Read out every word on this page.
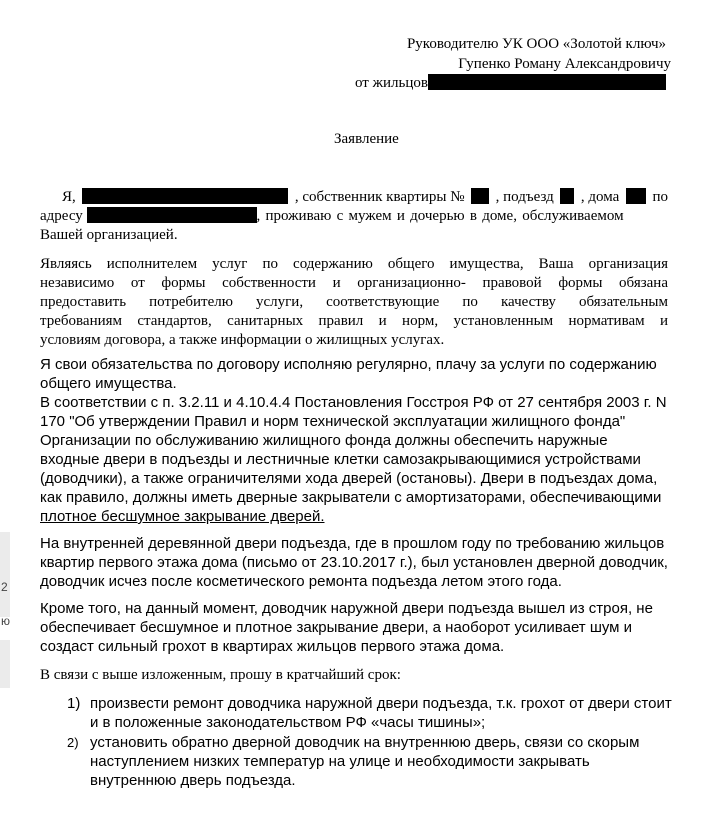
2
ю
Руководителю УК ООО «Золотой ключ»
Гупенко Роману Александровичу
от жильцов
Заявление
Я,	, собственник квартиры № , подъезд , дома по
адресу	, проживаю с мужем и дочерью в доме, обслуживаемом
Вашей организацией.
Являясь исполнителем услуг по содержанию общего имущества, Ваша организация
независимо от формы собственности и организационно- правовой формы обязана
предоставить потребителю услуги, соответствующие по качеству обязательным
требованиям стандартов, санитарных правил и норм, установленным нормативам и
условиям договора, а также информации о жилищных услугах.
Я свои обязательства по договору исполняю регулярно, плачу за услуги по содержанию
общего имущества.
В соответствии с п. 3.2.11 и 4.10.4.4 Постановления Госстроя РФ от 27 сентября 2003 г. N
170 "Об утверждении Правил и норм технической эксплуатации жилищного фонда"
Организации по обслуживанию жилищного фонда должны обеспечить наружные
входные двери в подъезды и лестничные клетки самозакрывающимися устройствами
(доводчики), а также ограничителями хода дверей (остановы). Двери в подъездах дома,
как правило, должны иметь дверные закрыватели с амортизаторами, обеспечивающими
плотное бесшумное закрывание дверей.
На внутренней деревянной двери подъезда, где в прошлом году по требованию жильцов
квартир первого этажа дома (письмо от 23.10.2017 г.), был установлен дверной доводчик,
доводчик исчез после косметического ремонта подъезда летом этого года.
Кроме того, на данный момент, доводчик наружной двери подъезда вышел из строя, не
обеспечивает бесшумное и плотное закрывание двери, а наоборот усиливает шум и
создаст сильный грохот в квартирах жильцов первого этажа дома.
В связи с выше изложенным, прошу в кратчайший срок:
1) произвести ремонт доводчика наружной двери подъезда, т.к. грохот от двери стоит
и в положенные законодательством РФ «часы тишины»;
2) установить обратно дверной доводчик на внутреннюю дверь, связи со скорым
наступлением низких температур на улице и необходимости закрывать
внутреннюю дверь подъезда.
